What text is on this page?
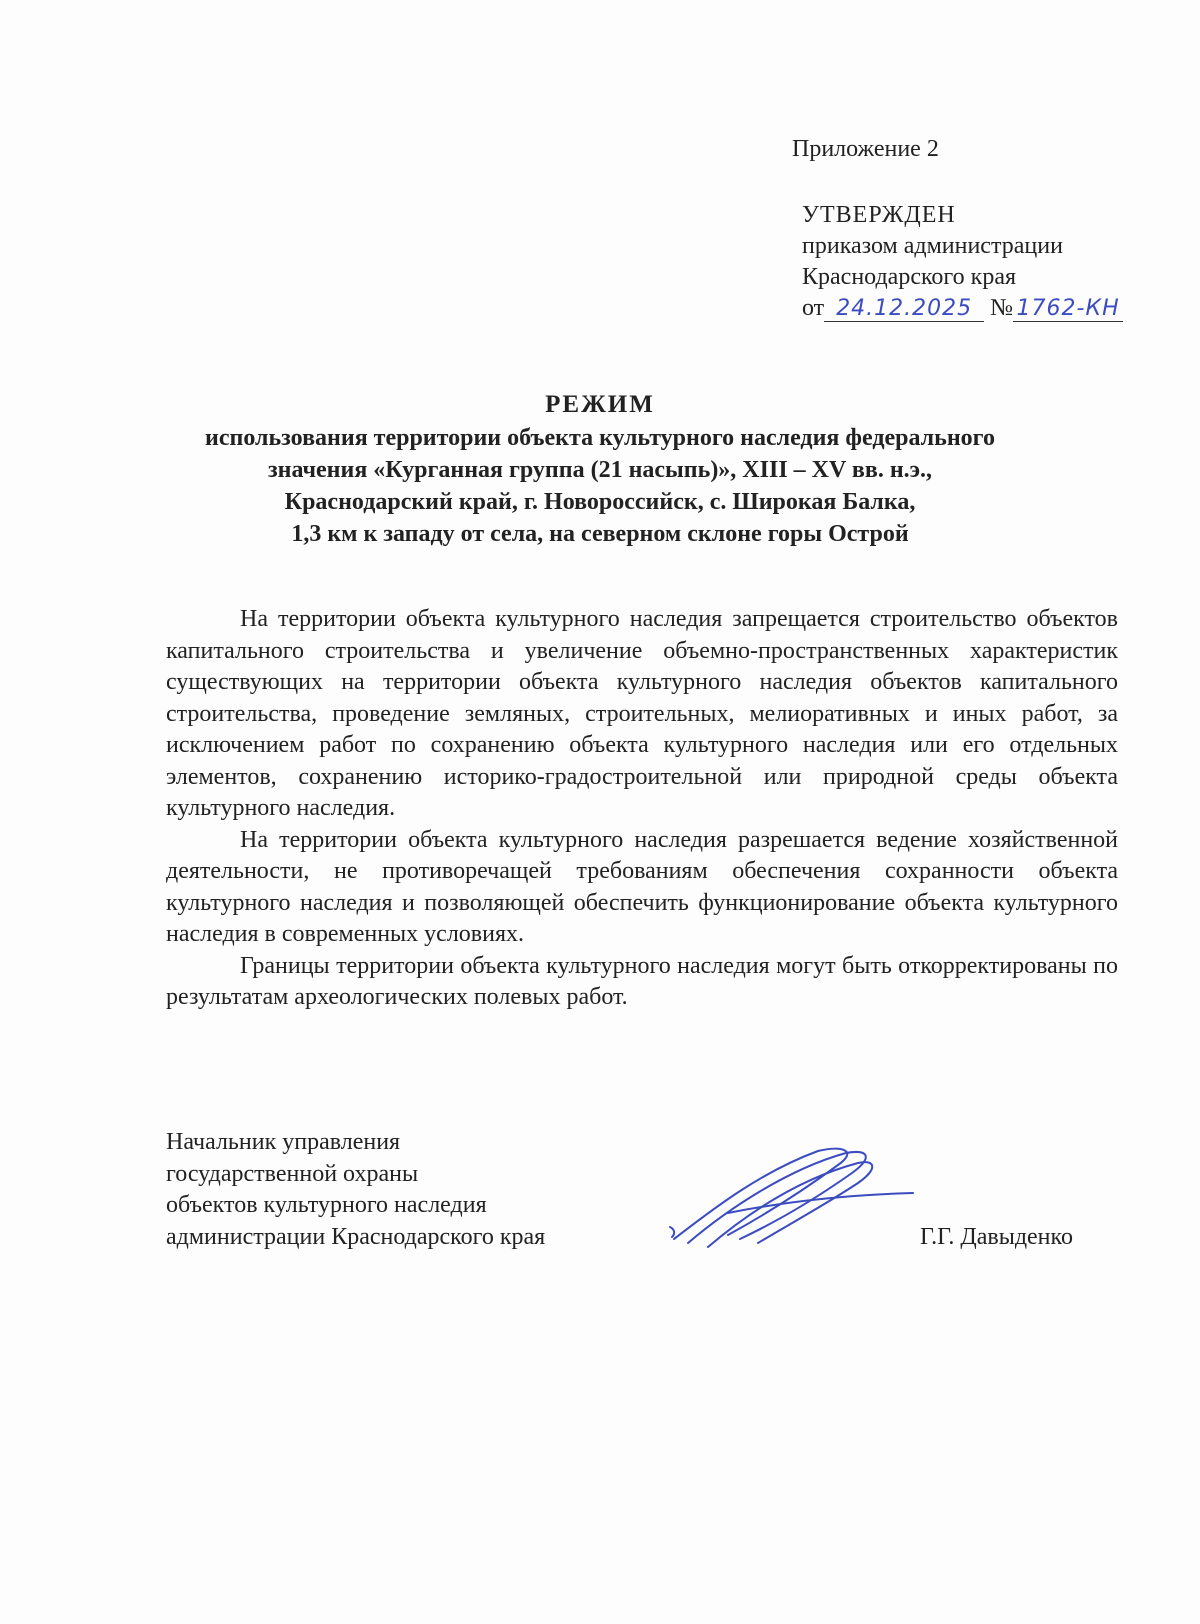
Приложение 2
УТВЕРЖДЕН
приказом администрации
Краснодарского края
от 24.12.2025 № 1762-КН
РЕЖИМ
использования территории объекта культурного наследия федерального
значения «Курганная группа (21 насыпь)», XIII – XV вв. н.э.,
Краснодарский край, г. Новороссийск, с. Широкая Балка,
1,3 км к западу от села, на северном склоне горы Острой

На территории объекта культурного наследия запрещается строительство объектов капитального строительства и увеличение объемно-пространственных характеристик существующих на территории объекта культурного наследия объектов капитального строительства, проведение земляных, строительных, мелиоративных и иных работ, за исключением работ по сохранению объекта культурного наследия или его отдельных элементов, сохранению историко-градостроительной или природной среды объекта культурного наследия.

На территории объекта культурного наследия разрешается ведение хозяйственной деятельности, не противоречащей требованиям обеспечения сохранности объекта культурного наследия и позволяющей обеспечить функционирование объекта культурного наследия в современных условиях.

Границы территории объекта культурного наследия могут быть откорректированы по результатам археологических полевых работ.

Начальник управления
государственной охраны
объектов культурного наследия
администрации Краснодарского края	Г.Г. Давыденко
